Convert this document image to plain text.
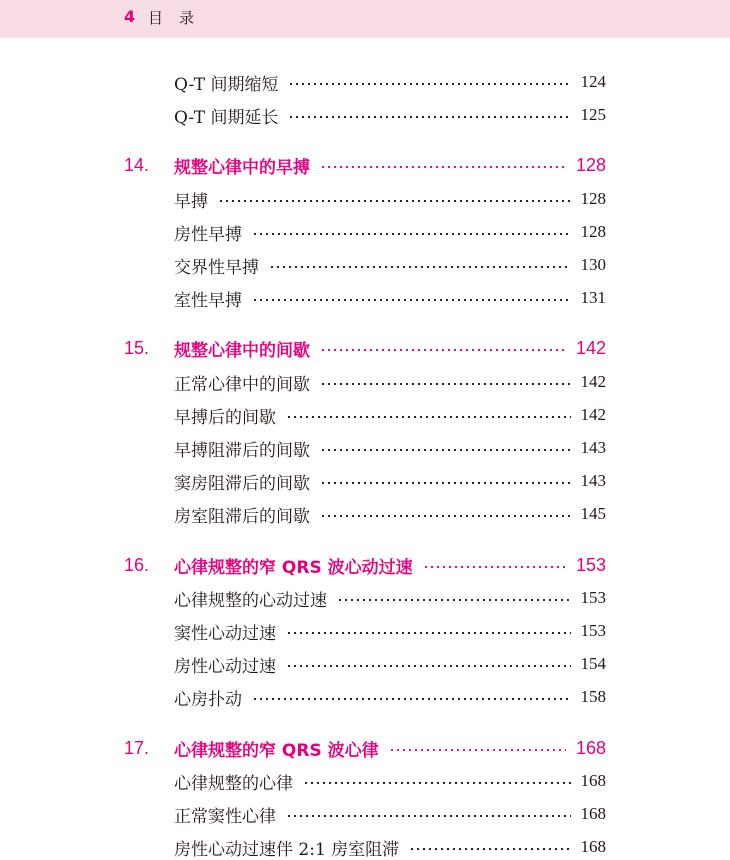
4 目录
Q-T 间期缩短	124
Q-T 间期延长	125
14. 规整心律中的早搏	128
早搏	128
房性早搏	128
交界性早搏	130
室性早搏	131
15. 规整心律中的间歇	142
正常心律中的间歇	142
早搏后的间歇	142
早搏阻滞后的间歇	143
窦房阻滞后的间歇	143
房室阻滞后的间歇	145
16. 心律规整的窄 QRS 波心动过速	153
心律规整的心动过速	153
窦性心动过速	153
房性心动过速	154
心房扑动	158
17. 心律规整的窄 QRS 波心律	168
心律规整的心律	168
正常窦性心律	168
房性心动过速伴 2:1 房室阻滞	168
